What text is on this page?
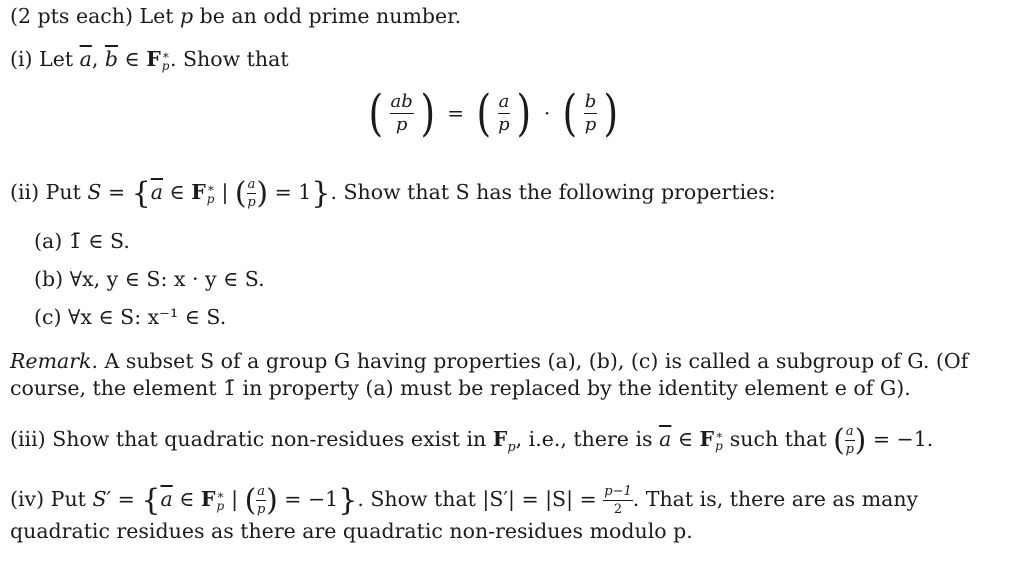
(2 pts each) Let p be an odd prime number.
(i) Let $\overline{a}$, $\overline{b}$ ∈ F ∗
p . Show that
( $\frac{ab}{p}$ ) = ( $\frac{a}{p}$ ) · ( $\frac{b}{p}$ )
(ii) Put $S = \{\overline{a}$ ∈ F ∗
p | ( $\frac{a}{p}$ ) = 1}. Show that S has the following properties:
(a) 1̄ ∈ S.
(b) ∀x, y ∈ S: x · y ∈ S.
(c) ∀x ∈ S: x⁻¹ ∈ S.
Remark. A subset S of a group G having properties (a), (b), (c) is called a subgroup of G. (Of
course, the element 1̄ in property (a) must be replaced by the identity element e of G).
(iii) Show that quadratic non-residues exist in $F_p$, i.e., there is $\overline{a}$ ∈ F ∗
p such that ( $\frac{a}{p}$ ) = −1.
(iv) Put $S' = \{\overline{a}$ ∈ F ∗
p | ( $\frac{a}{p}$ ) = −1}. Show that $|S'| = |S| = \frac{p-1}{2}$ . That is, there are as many
quadratic residues as there are quadratic non-residues modulo p.
